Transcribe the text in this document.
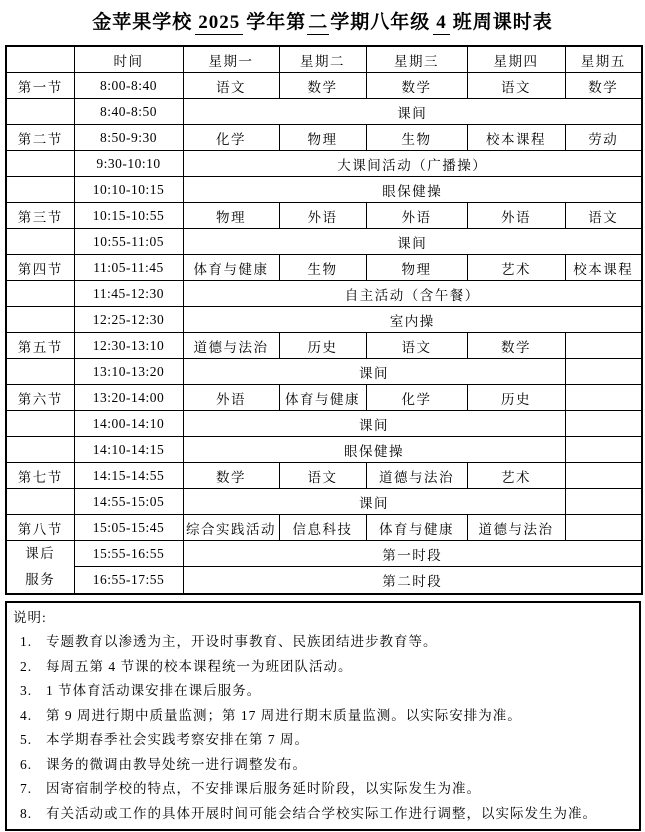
金苹果学校 2025 学年第 二 学期八年级 4 班周课时表
	时间	星期一	星期二	星期三	星期四	星期五
第一节	8:00-8:40	语文	数学	数学	语文	数学
	8:40-8:50	课间				
第二节	8:50-9:30	化学	物理	生物	校本课程	劳动
	9:30-10:10	大课间活动（广播操）				
	10:10-10:15	眼保健操				
第三节	10:15-10:55	物理	外语	外语	外语	语文
	10:55-11:05	课间				
第四节	11:05-11:45	体育与健康	生物	物理	艺术	校本课程
	11:45-12:30	自主活动（含午餐）				
	12:25-12:30	室内操				
第五节	12:30-13:10	道德与法治	历史	语文	数学	
	13:10-13:20	课间				
第六节	13:20-14:00	外语	体育与健康	化学	历史	
	14:00-14:10	课间				
	14:10-14:15	眼保健操				
第七节	14:15-14:55	数学	语文	道德与法治	艺术	
	14:55-15:05	课间				
第八节	15:05-15:45	综合实践活动	信息科技	体育与健康	道德与法治	

课后
服务	15:55-16:55	第一时段				
	16:55-17:55	第二时段				
说明:
1.	专题教育以渗透为主，开设时事教育、民族团结进步教育等。
2.	每周五第 4 节课的校本课程统一为班团队活动。
3.	1 节体育活动课安排在课后服务。
4.	第 9 周进行期中质量监测；第 17 周进行期末质量监测。以实际安排为准。
5.	本学期春季社会实践考察安排在第 7 周。
6.	课务的微调由教导处统一进行调整发布。
7.	因寄宿制学校的特点，不安排课后服务延时阶段，以实际发生为准。
8.	有关活动或工作的具体开展时间可能会结合学校实际工作进行调整，以实际发生为准。
